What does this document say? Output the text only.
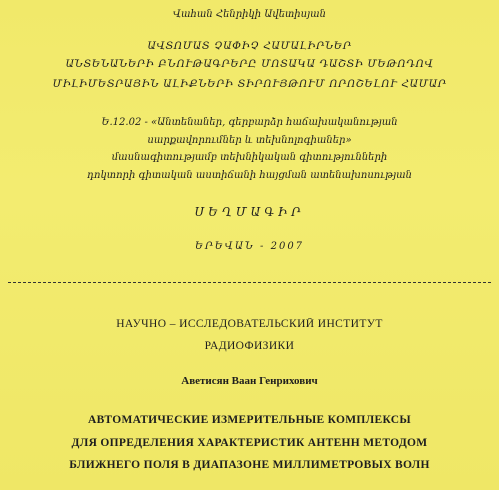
Վահան Հենրիկի Ավետիսյան
ԱՎՏՈՄԱՏ ՉԱՓԻՉ ՀԱՄԱԼԻՐՆԵՐ
ԱՆՏԵՆԱՆԵՐԻ ԲՆՈՒԹԱԳՐԵՐԸ ՄՈՏԱԿԱ ԴԱՇՏԻ ՄԵԹՈԴՈՎ
ՄԻԼԻՄԵՏՐԱՅԻՆ ԱԼԻՔՆԵՐԻ ՏԻՐՈՒՅԹՈՒՄ ՈՐՈՇԵԼՈՒ ՀԱՄԱՐ
Ե.12.02 - «Անտենաներ, գերբարձր հաճախականության
սարքավորումներ և տեխնոլոգիաներ»
մասնագիտությամբ տեխնիկական գիտությունների
դոկտորի գիտական աստիճանի հայցման ատենախոսության
ՍԵՂՄԱԳԻՐ
ԵՐԵՎԱՆ - 2007
НАУЧНО – ИССЛЕДОВАТЕЛЬСКИЙ ИНСТИТУТ
РАДИОФИЗИКИ
Аветисян Ваан Генрихович
АВТОМАТИЧЕСКИЕ ИЗМЕРИТЕЛЬНЫЕ КОМПЛЕКСЫ
ДЛЯ ОПРЕДЕЛЕНИЯ ХАРАКТЕРИСТИК АНТЕНН МЕТОДОМ
БЛИЖНЕГО ПОЛЯ В ДИАПАЗОНЕ МИЛЛИМЕТРОВЫХ ВОЛН
